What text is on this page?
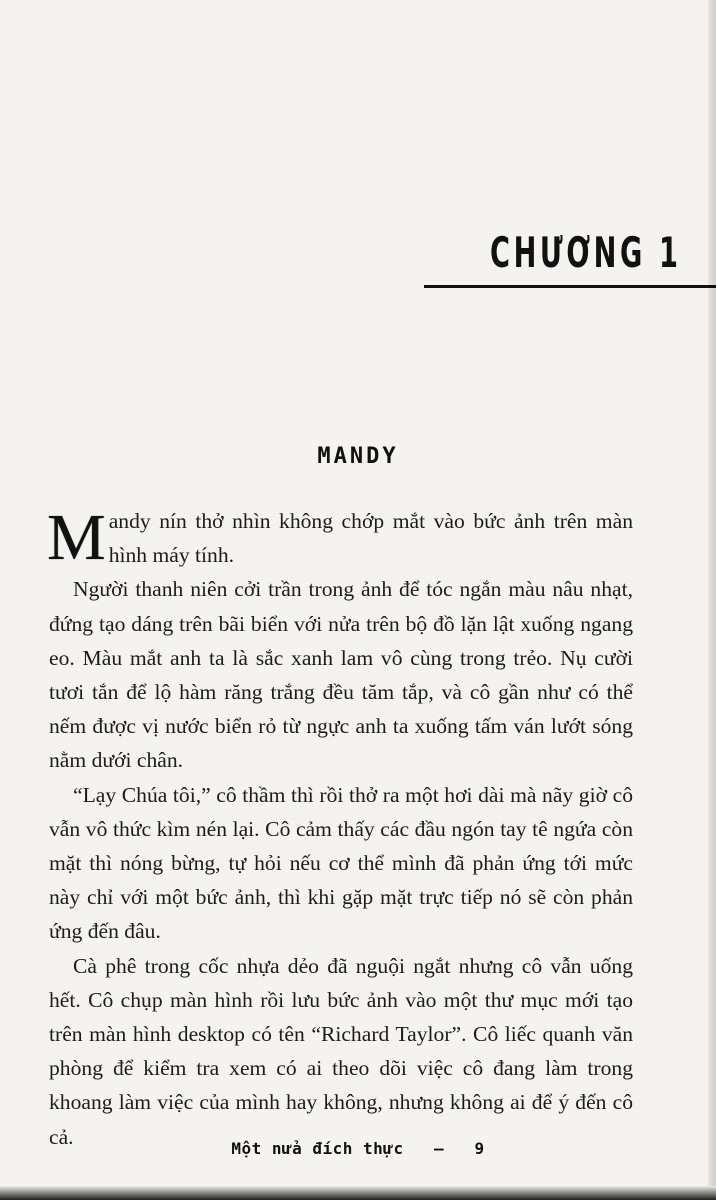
CHƯƠNG 1
MANDY

Mandy nín thở nhìn không chớp mắt vào bức ảnh trên màn hình máy tính.

Người thanh niên cởi trần trong ảnh để tóc ngắn màu nâu nhạt, đứng tạo dáng trên bãi biển với nửa trên bộ đồ lặn lật xuống ngang eo. Màu mắt anh ta là sắc xanh lam vô cùng trong trẻo. Nụ cười tươi tắn để lộ hàm răng trắng đều tăm tắp, và cô gần như có thể nếm được vị nước biển rỏ từ ngực anh ta xuống tấm ván lướt sóng nằm dưới chân.

“Lạy Chúa tôi,” cô thầm thì rồi thở ra một hơi dài mà nãy giờ cô vẫn vô thức kìm nén lại. Cô cảm thấy các đầu ngón tay tê ngứa còn mặt thì nóng bừng, tự hỏi nếu cơ thể mình đã phản ứng tới mức này chỉ với một bức ảnh, thì khi gặp mặt trực tiếp nó sẽ còn phản ứng đến đâu.

Cà phê trong cốc nhựa dẻo đã nguội ngắt nhưng cô vẫn uống hết. Cô chụp màn hình rồi lưu bức ảnh vào một thư mục mới tạo trên màn hình desktop có tên “Richard Taylor”. Cô liếc quanh văn phòng để kiểm tra xem có ai theo dõi việc cô đang làm trong khoang làm việc của mình hay không, nhưng không ai để ý đến cô cả.	Một nửa đích thực – 9
